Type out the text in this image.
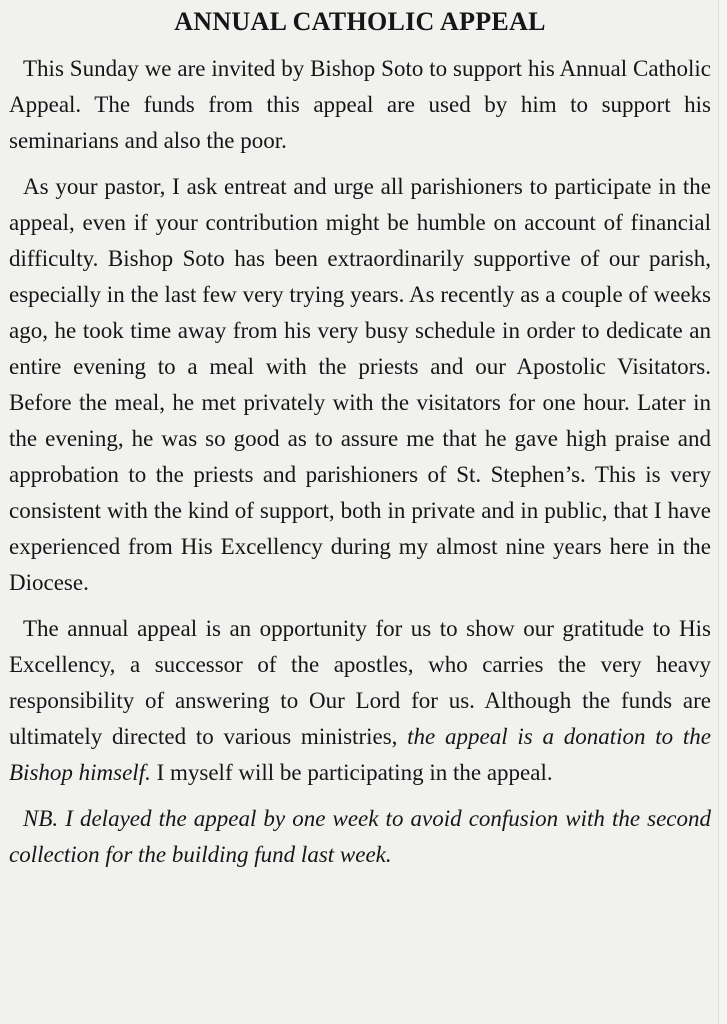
ANNUAL CATHOLIC APPEAL

This Sunday we are invited by Bishop Soto to support his Annual Catholic Appeal. The funds from this appeal are used by him to support his seminarians and also the poor.

As your pastor, I ask entreat and urge all parishioners to participate in the appeal, even if your contribution might be humble on account of financial difficulty. Bishop Soto has been extraordinarily supportive of our parish, especially in the last few very trying years. As recently as a couple of weeks ago, he took time away from his very busy schedule in order to dedicate an entire evening to a meal with the priests and our Apostolic Visitators. Before the meal, he met privately with the visitators for one hour. Later in the evening, he was so good as to assure me that he gave high praise and approbation to the priests and parishioners of St. Stephen’s. This is very consistent with the kind of support, both in private and in public, that I have experienced from His Excellency during my almost nine years here in the Diocese.

The annual appeal is an opportunity for us to show our gratitude to His Excellency, a successor of the apostles, who carries the very heavy responsibility of answering to Our Lord for us. Although the funds are ultimately directed to various ministries, the appeal is a donation to the Bishop himself. I myself will be participating in the appeal.

NB. I delayed the appeal by one week to avoid confusion with the second collection for the building fund last week.
